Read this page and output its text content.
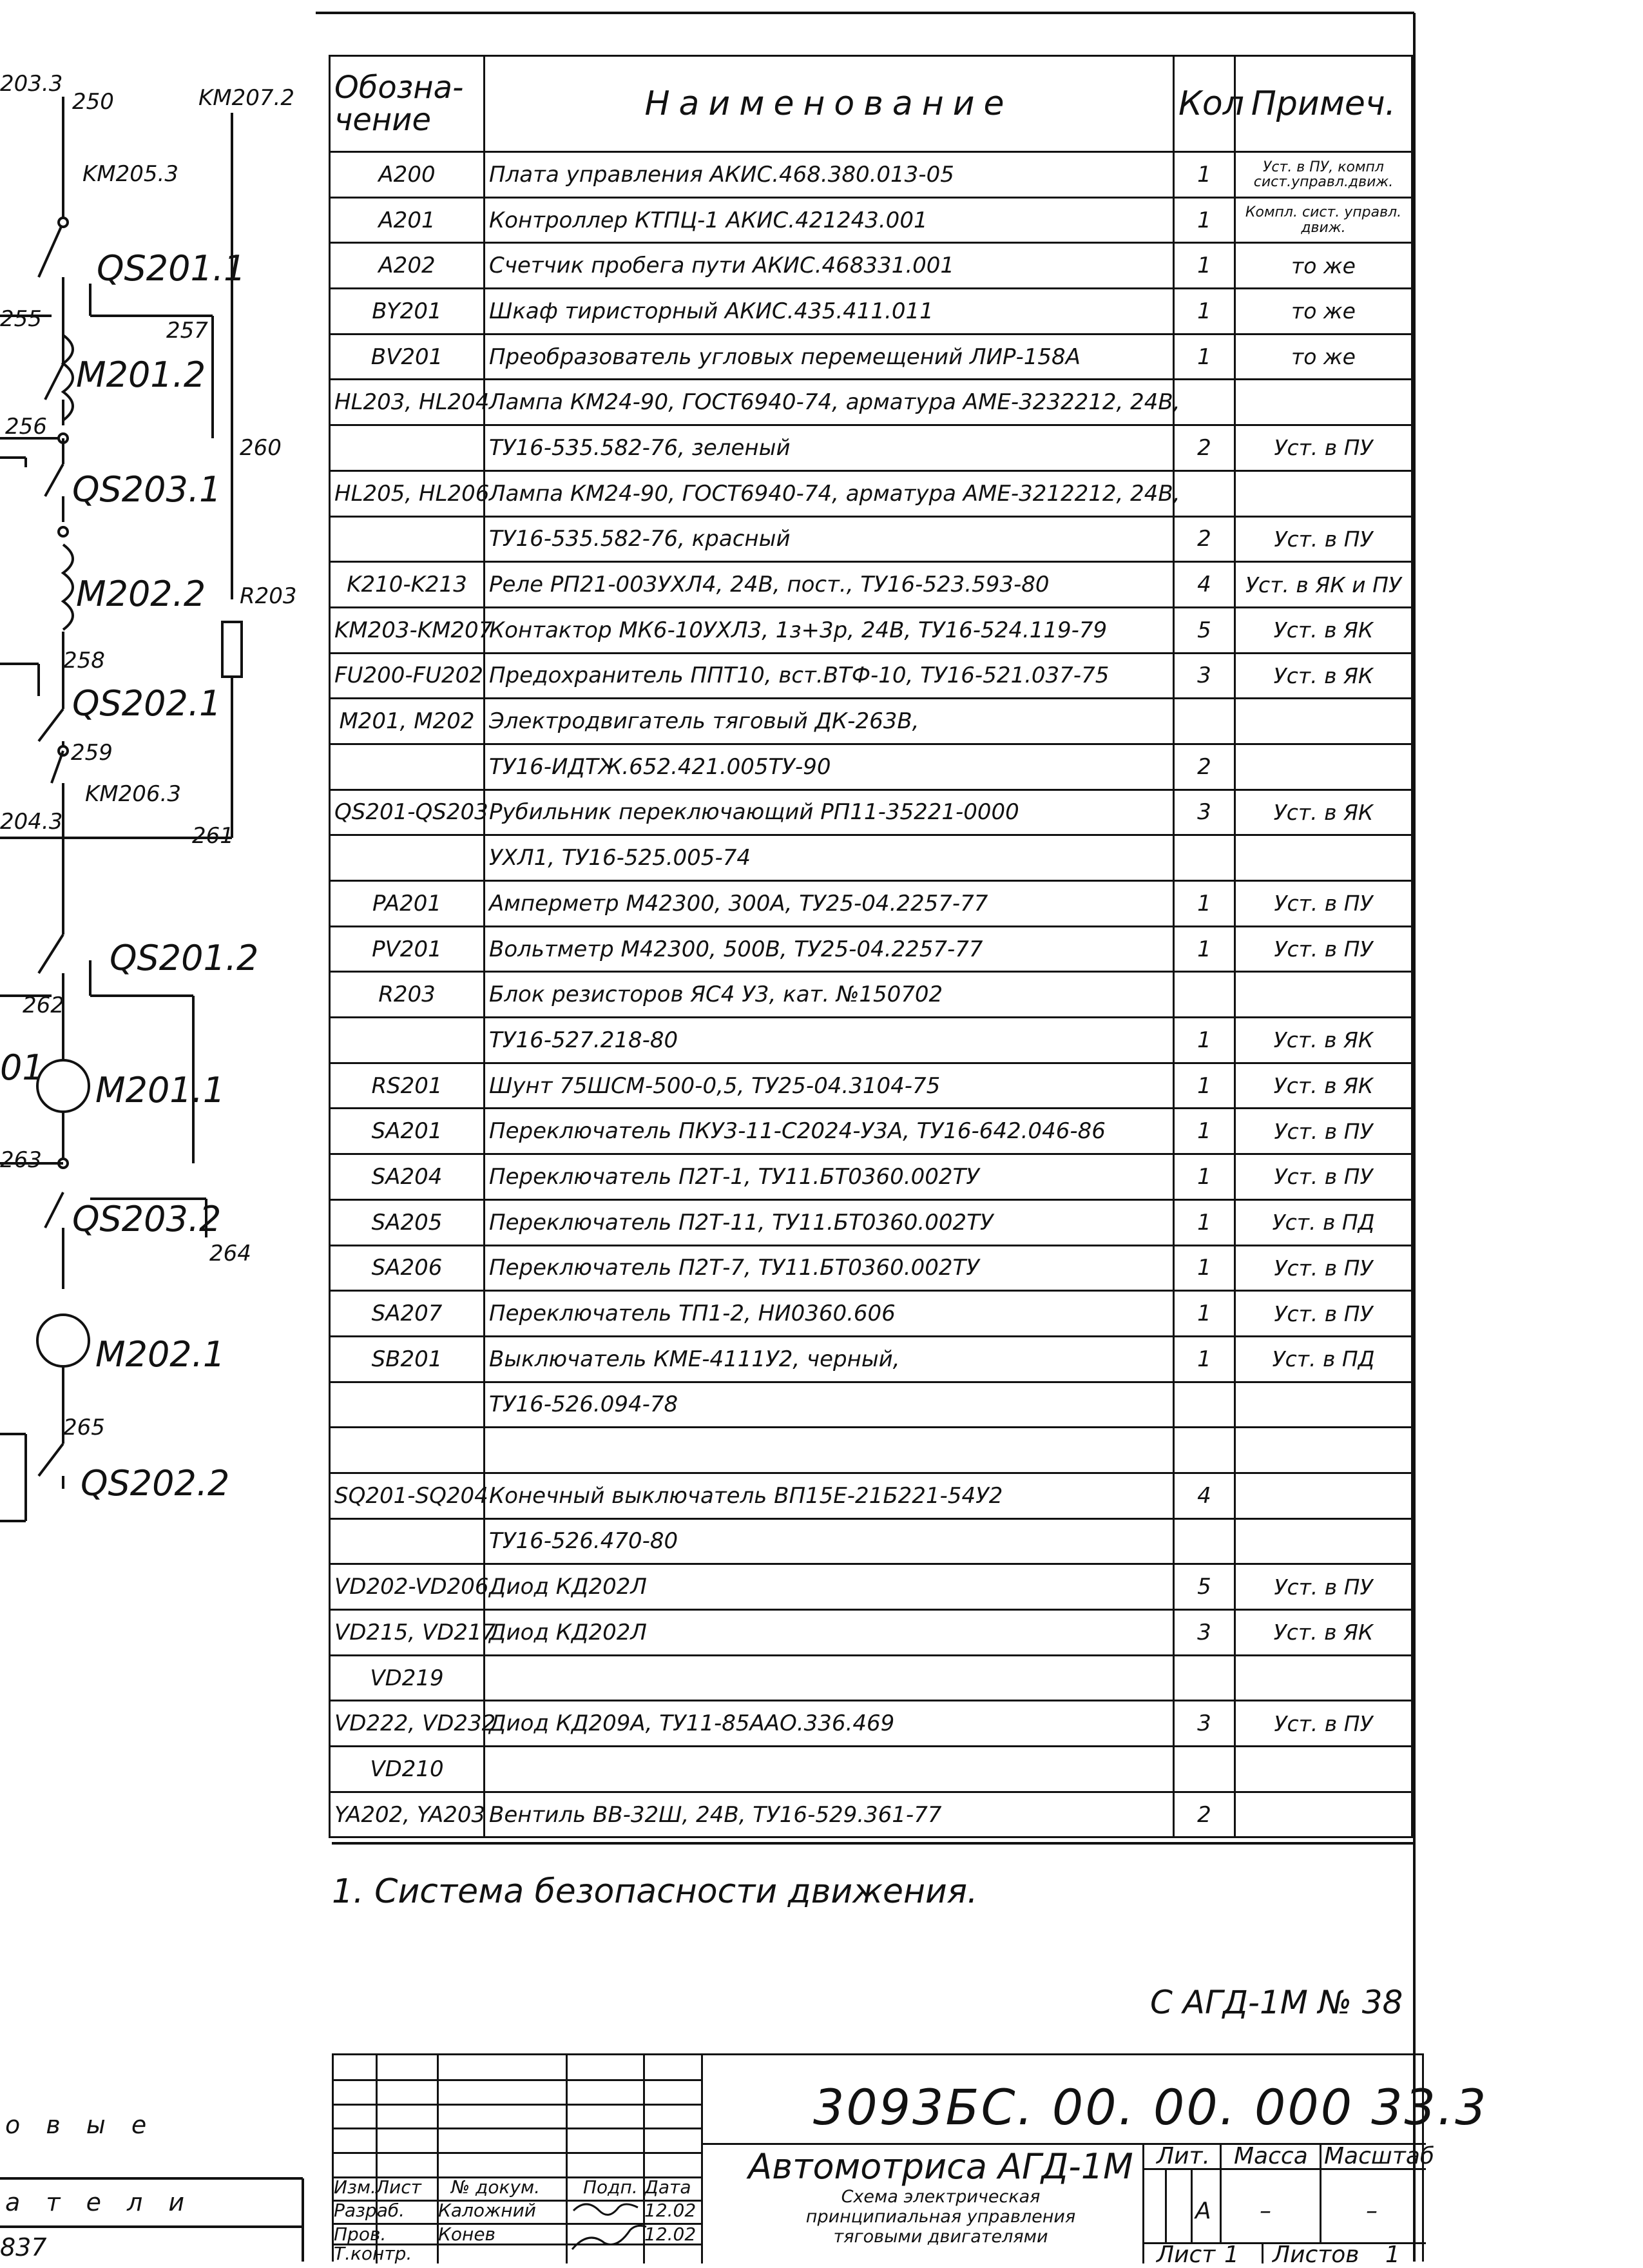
203.3
250	KM207.2
KM205.3
QS201.1
255	257
M201.2
256
260
QS203.1
M202.2 R203
258
QS202.1
259
KM206.3
204.3
261
QS201.2
262
01
M201.1
263
QS203.2
264
M202.1
265
QS202.2
о в ы е
а т е л и
837
Обозна-
чение	Наименование	Кол	Примеч.
A200	Плата управления АКИС.468.380.013-05	1	Уст. в ПУ, компл сист.управл.движ.
A201	Контроллер КТПЦ-1 АКИС.421243.001	1	Компл. сист. управл. движ.
A202	Счетчик пробега пути АКИС.468331.001	1	то же
BY201	Шкаф тиристорный АКИС.435.411.011	1	то же
BV201	Преобразователь угловых перемещений ЛИР-158А	1	то же
HL203, HL204	Лампа КМ24-90, ГОСТ6940-74, арматура АМЕ-3232212, 24В,		
	ТУ16-535.582-76, зеленый	2	Уст. в ПУ
HL205, HL206	Лампа КМ24-90, ГОСТ6940-74, арматура АМЕ-3212212, 24В,		
	ТУ16-535.582-76, красный	2	Уст. в ПУ
K210-K213	Реле РП21-003УХЛ4, 24В, пост., ТУ16-523.593-80	4	Уст. в ЯК и ПУ
KM203-KM207	Контактор МК6-10УХЛ3, 1з+3р, 24В, ТУ16-524.119-79	5	Уст. в ЯК
FU200-FU202	Предохранитель ППТ10, вст.ВТФ-10, ТУ16-521.037-75	3	Уст. в ЯК
M201, M202	Электродвигатель тяговый ДК-263В,		
	ТУ16-ИДТЖ.652.421.005ТУ-90	2	
QS201-QS203	Рубильник переключающий РП11-35221-0000	3	Уст. в ЯК
	УХЛ1, ТУ16-525.005-74		
PA201	Амперметр М42300, 300А, ТУ25-04.2257-77	1	Уст. в ПУ
PV201	Вольтметр М42300, 500В, ТУ25-04.2257-77	1	Уст. в ПУ
R203	Блок резисторов ЯС4 У3, кат. №150702		
	ТУ16-527.218-80	1	Уст. в ЯК
RS201	Шунт 75ШСМ-500-0,5, ТУ25-04.3104-75	1	Уст. в ЯК
SA201	Переключатель ПКУ3-11-С2024-У3А, ТУ16-642.046-86	1	Уст. в ПУ
SA204	Переключатель П2Т-1, ТУ11.БТ0360.002ТУ	1	Уст. в ПУ
SA205	Переключатель П2Т-11, ТУ11.БТ0360.002ТУ	1	Уст. в ПД
SA206	Переключатель П2Т-7, ТУ11.БТ0360.002ТУ	1	Уст. в ПУ
SA207	Переключатель ТП1-2, НИ0360.606	1	Уст. в ПУ
SB201	Выключатель КМЕ-4111У2, черный,	1	Уст. в ПД
	ТУ16-526.094-78		

SQ201-SQ204	Конечный выключатель ВП15Е-21Б221-54У2	4	
	ТУ16-526.470-80		
VD202-VD206	Диод КД202Л	5	Уст. в ПУ
VD215, VD217	Диод КД202Л	3	Уст. в ЯК
VD219			
VD222, VD232	Диод КД209А, ТУ11-85ААО.336.469	3	Уст. в ПУ
VD210			
YA202, YA203	Вентиль ВВ-32Ш, 24В, ТУ16-529.361-77	2	
1. Система безопасности движения.
С АГД-1М № 38
3093БС. 00. 00. 000 33.3
Автомотриса АГД-1М
Схема электрическая
принципиальная управления
тяговыми двигателями
Изм. Лист № докум. Подп. Дата
Разраб. Каложний	12.02
Пров.	Конев	12.02
Т.контр.
Лит. Масса Масштаб
А –	–
Лист 1 Листов 1
